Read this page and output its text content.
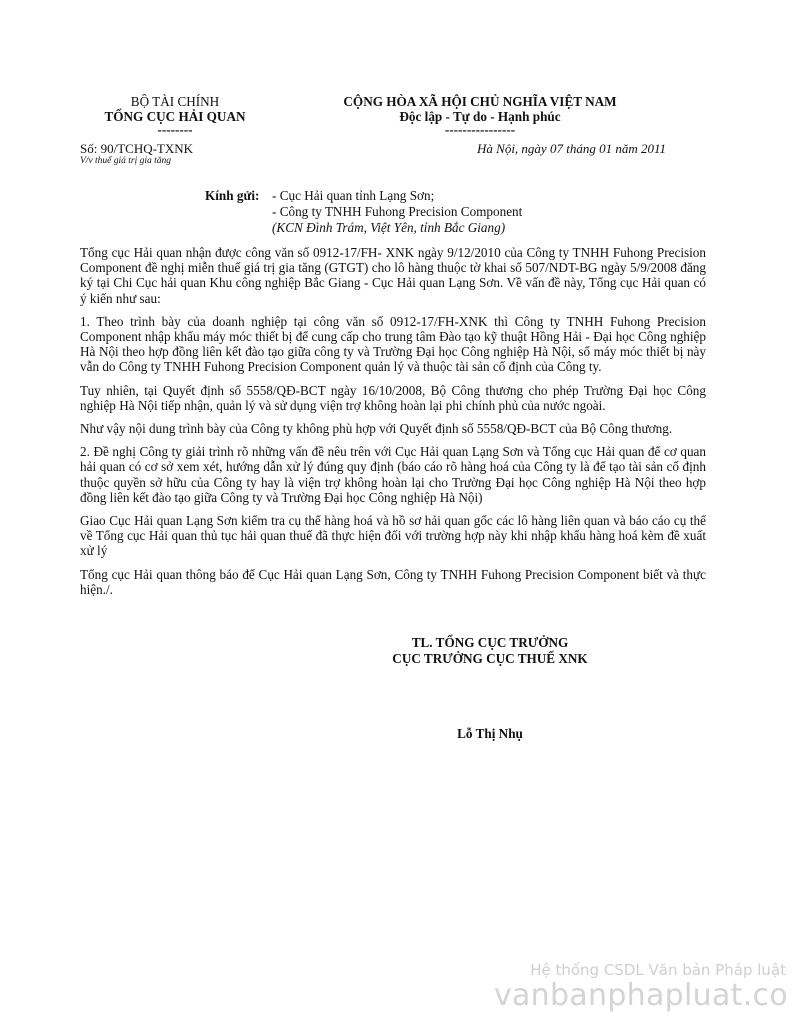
BỘ TÀI CHÍNH
TỔNG CỤC HẢI QUAN
--------
CỘNG HÒA XÃ HỘI CHỦ NGHĨA VIỆT NAM
Độc lập - Tự do - Hạnh phúc
----------------
Số: 90/TCHQ-TXNK
V/v thuế giá trị gia tăng
Hà Nội, ngày 07 tháng 01 năm 2011
Kính gửi: - Cục Hải quan tỉnh Lạng Sơn;
- Công ty TNHH Fuhong Precision Component
(KCN Đình Trám, Việt Yên, tỉnh Bắc Giang)

Tổng cục Hải quan nhận được công văn số 0912-17/FH- XNK ngày 9/12/2010 của Công ty TNHH Fuhong Precision Component đề nghị miễn thuế giá trị gia tăng (GTGT) cho lô hàng thuộc tờ khai số 507/NDT-BG ngày 5/9/2008 đăng ký tại Chi Cục hải quan Khu công nghiệp Bắc Giang - Cục Hải quan Lạng Sơn. Về vấn đề này, Tổng cục Hải quan có ý kiến như sau:

1. Theo trình bày của doanh nghiệp tại công văn số 0912-17/FH-XNK thì Công ty TNHH Fuhong Precision Component nhập khẩu máy móc thiết bị để cung cấp cho trung tâm Đào tạo kỹ thuật Hồng Hải - Đại học Công nghiệp Hà Nội theo hợp đồng liên kết đào tạo giữa công ty và Trường Đại học Công nghiệp Hà Nội, số máy móc thiết bị này vẫn do Công ty TNHH Fuhong Precision Component quản lý và thuộc tài sản cố định của Công ty.

Tuy nhiên, tại Quyết định số 5558/QĐ-BCT ngày 16/10/2008, Bộ Công thương cho phép Trường Đại học Công nghiệp Hà Nội tiếp nhận, quản lý và sử dụng viện trợ không hoàn lại phi chính phủ của nước ngoài.

Như vậy nội dung trình bày của Công ty không phù hợp với Quyết định số 5558/QĐ-BCT của Bộ Công thương.

2. Đề nghị Công ty giải trình rõ những vấn đề nêu trên với Cục Hải quan Lạng Sơn và Tổng cục Hải quan để cơ quan hải quan có cơ sở xem xét, hướng dẫn xử lý đúng quy định (báo cáo rõ hàng hoá của Công ty là để tạo tài sản cố định thuộc quyền sở hữu của Công ty hay là viện trợ không hoàn lại cho Trường Đại học Công nghiệp Hà Nội theo hợp đồng liên kết đào tạo giữa Công ty và Trường Đại học Công nghiệp Hà Nội)

Giao Cục Hải quan Lạng Sơn kiểm tra cụ thể hàng hoá và hồ sơ hải quan gốc các lô hàng liên quan và báo cáo cụ thể về Tổng cục Hải quan thủ tục hải quan thuế đã thực hiện đối với trường hợp này khi nhập khẩu hàng hoá kèm đề xuất xử lý

Tổng cục Hải quan thông báo để Cục Hải quan Lạng Sơn, Công ty TNHH Fuhong Precision Component biết và thực hiện./.

TL. TỔNG CỤC TRƯỞNG
CỤC TRƯỞNG CỤC THUẾ XNK
Lỗ Thị Nhụ
Hệ thống CSDL Văn bản Pháp luật
vanbanphapluat.co
